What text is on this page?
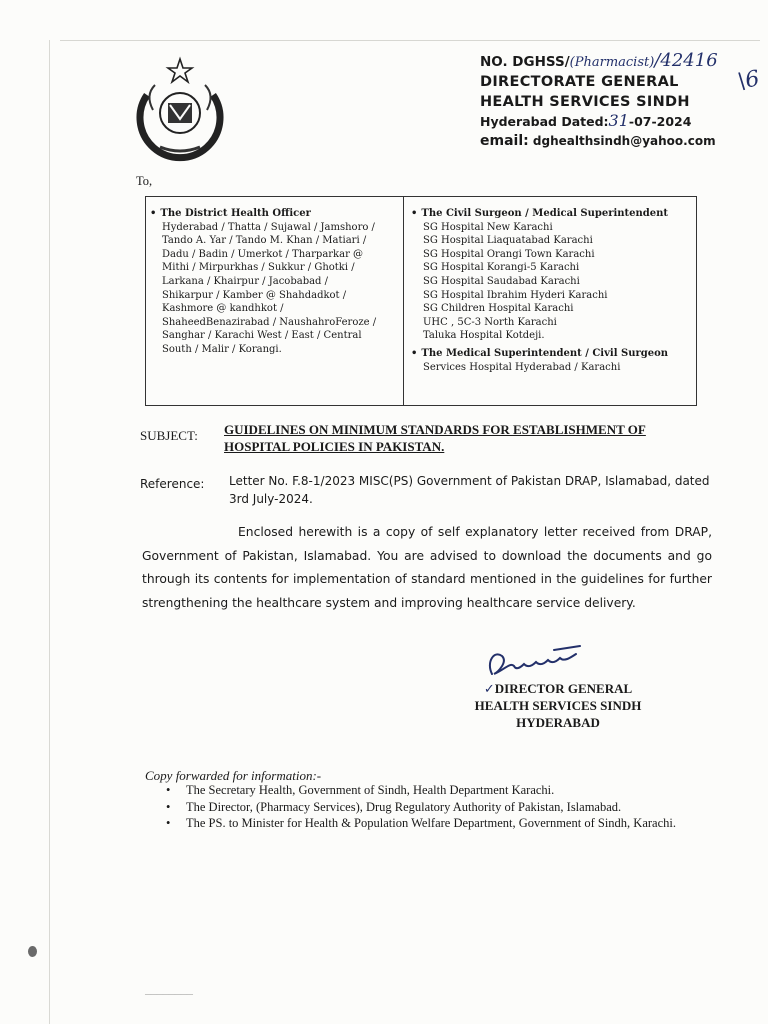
NO. DGHSS/(Pharmacist)/42416
DIRECTORATE GENERAL
HEALTH SERVICES SINDH
Hyderabad Dated:31-07-2024
email: dghealthsindh@yahoo.com
\6
To,
• The District Health Officer
Hyderabad / Thatta / Sujawal / Jamshoro /
Tando A. Yar / Tando M. Khan / Matiari /
Dadu / Badin / Umerkot / Tharparkar @
Mithi / Mirpurkhas / Sukkur / Ghotki /
Larkana / Khairpur / Jacobabad /
Shikarpur / Kamber @ Shahdadkot /
Kashmore @ kandhkot /
ShaheedBenazirabad / NaushahroFeroze /
Sanghar / Karachi West / East / Central
South / Malir / Korangi.
• The Civil Surgeon / Medical Superintendent
SG Hospital New Karachi
SG Hospital Liaquatabad Karachi
SG Hospital Orangi Town Karachi
SG Hospital Korangi-5 Karachi
SG Hospital Saudabad Karachi
SG Hospital Ibrahim Hyderi Karachi
SG Children Hospital Karachi
UHC , 5C-3 North Karachi
Taluka Hospital Kotdeji.
• The Medical Superintendent / Civil Surgeon
Services Hospital Hyderabad / Karachi
SUBJECT: GUIDELINES ON MINIMUM STANDARDS FOR ESTABLISHMENT OF HOSPITAL POLICIES IN PAKISTAN.
Reference: Letter No. F.8-1/2023 MISC(PS) Government of Pakistan DRAP, Islamabad, dated 3rd July-2024.
Enclosed herewith is a copy of self explanatory letter received from DRAP, Government of Pakistan, Islamabad. You are advised to download the documents and go through its contents for implementation of standard mentioned in the guidelines for further strengthening the healthcare system and improving healthcare service delivery.
✓DIRECTOR GENERAL
HEALTH SERVICES SINDH
HYDERABAD
Copy forwarded for information:-
• The Secretary Health, Government of Sindh, Health Department Karachi.
• The Director, (Pharmacy Services), Drug Regulatory Authority of Pakistan, Islamabad.
• The PS. to Minister for Health & Population Welfare Department, Government of Sindh, Karachi.
————————
